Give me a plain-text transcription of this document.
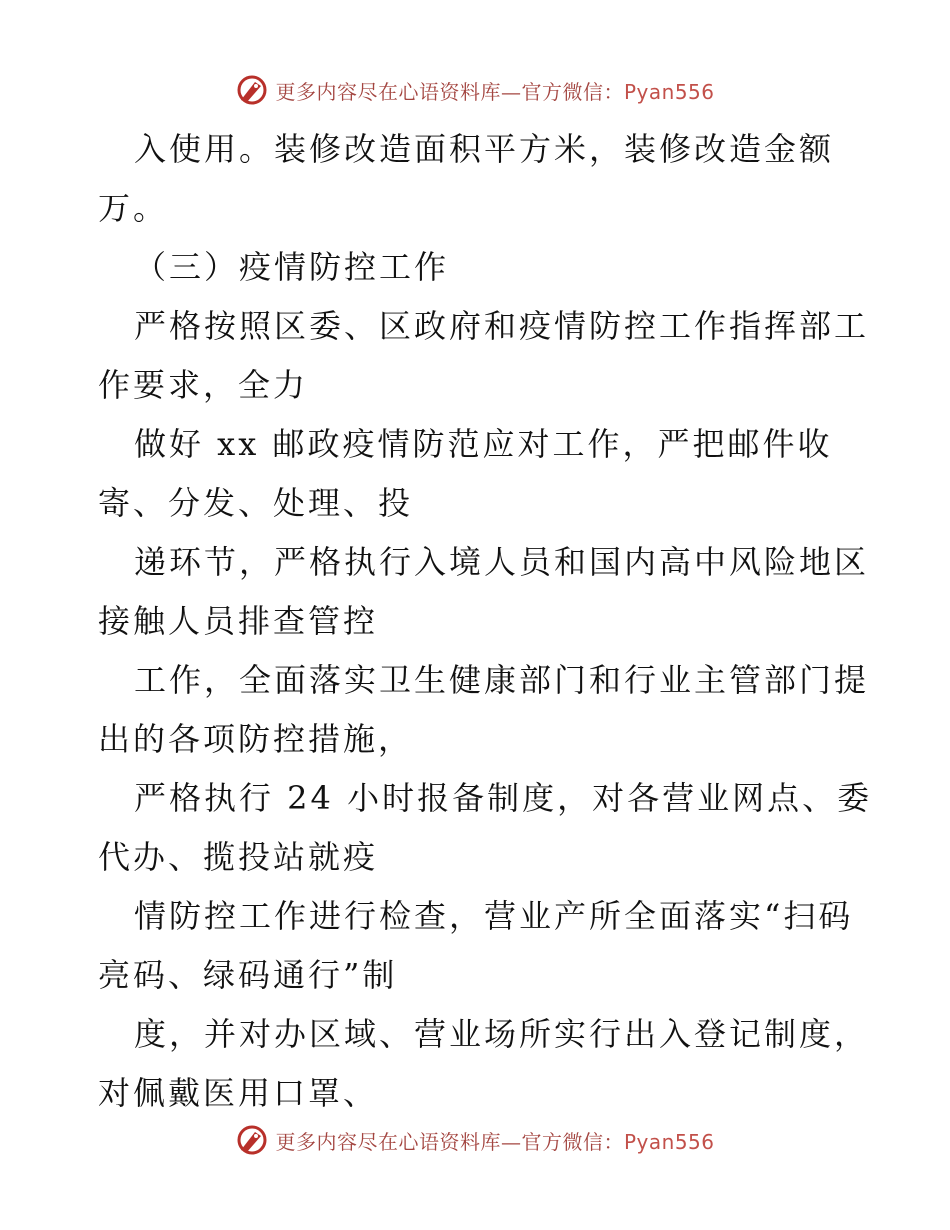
更多内容尽在心语资料库—官方微信：Pyan556
入使用。装修改造面积平方米，装修改造金额
万。
（三）疫情防控工作
严格按照区委、区政府和疫情防控工作指挥部工
作要求，全力
做好 xx 邮政疫情防范应对工作，严把邮件收
寄、分发、处理、投
递环节，严格执行入境人员和国内高中风险地区
接触人员排查管控
工作，全面落实卫生健康部门和行业主管部门提
出的各项防控措施，
严格执行 24 小时报备制度，对各营业网点、委
代办、揽投站就疫
情防控工作进行检查，营业产所全面落实“扫码
亮码、绿码通行”制
度，并对办区域、营业场所实行出入登记制度，
对佩戴医用口罩、
更多内容尽在心语资料库—官方微信：Pyan556
